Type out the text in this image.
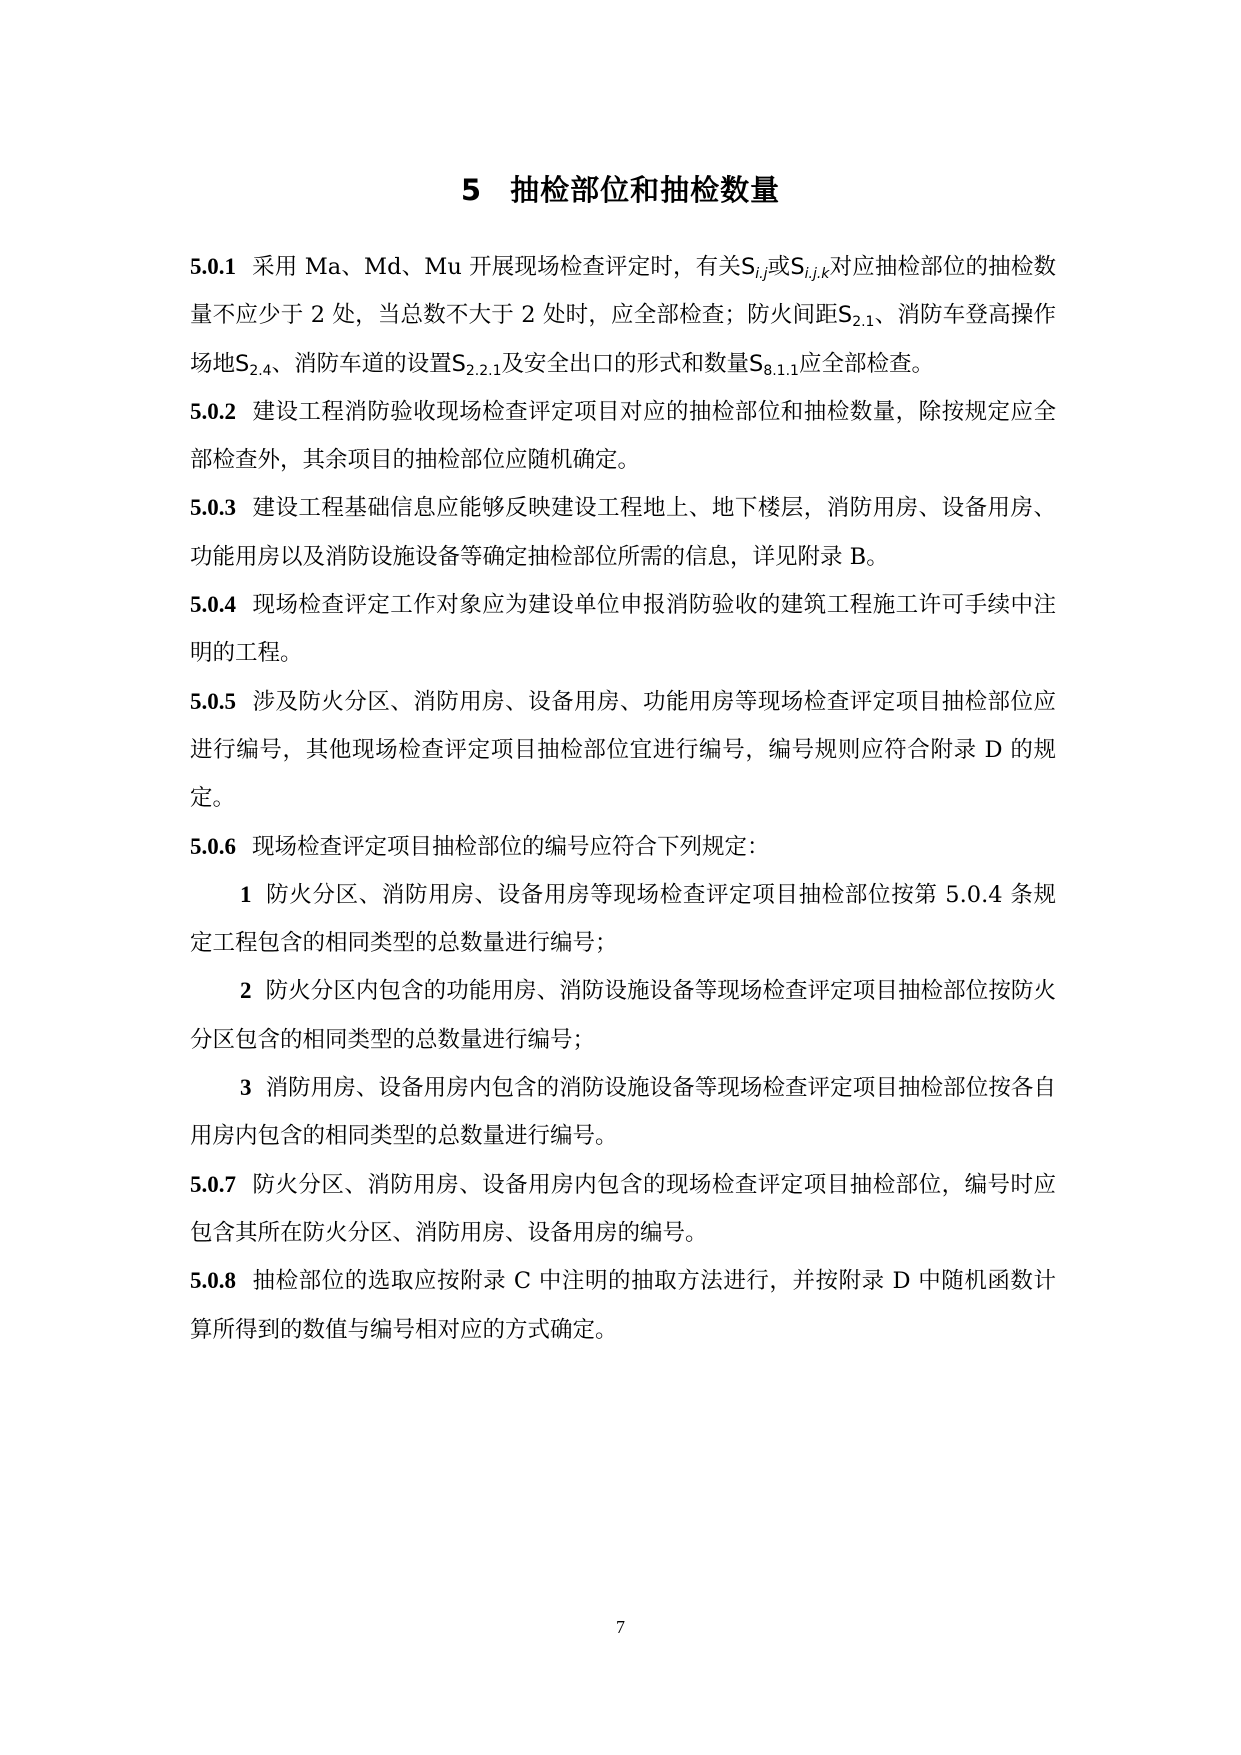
5 抽检部位和抽检数量

5.0.1 采用 Ma、Md、Mu 开展现场检查评定时，有关$S_{i.j}$或$S_{i.j.k}$对应抽检部位的抽检数量不应少于 2 处，当总数不大于 2 处时，应全部检查；防火间距$S_{2.1}$、消防车登高操作场地$S_{2.4}$、消防车道的设置$S_{2.2.1}$及安全出口的形式和数量$S_{8.1.1}$应全部检查。

5.0.2 建设工程消防验收现场检查评定项目对应的抽检部位和抽检数量，除按规定应全部检查外，其余项目的抽检部位应随机确定。

5.0.3 建设工程基础信息应能够反映建设工程地上、地下楼层，消防用房、设备用房、功能用房以及消防设施设备等确定抽检部位所需的信息，详见附录 B。

5.0.4 现场检查评定工作对象应为建设单位申报消防验收的建筑工程施工许可手续中注明的工程。

5.0.5 涉及防火分区、消防用房、设备用房、功能用房等现场检查评定项目抽检部位应进行编号，其他现场检查评定项目抽检部位宜进行编号，编号规则应符合附录 D 的规定。

5.0.6 现场检查评定项目抽检部位的编号应符合下列规定：

1 防火分区、消防用房、设备用房等现场检查评定项目抽检部位按第 5.0.4 条规定工程包含的相同类型的总数量进行编号；

2 防火分区内包含的功能用房、消防设施设备等现场检查评定项目抽检部位按防火分区包含的相同类型的总数量进行编号；

3 消防用房、设备用房内包含的消防设施设备等现场检查评定项目抽检部位按各自用房内包含的相同类型的总数量进行编号。

5.0.7 防火分区、消防用房、设备用房内包含的现场检查评定项目抽检部位，编号时应包含其所在防火分区、消防用房、设备用房的编号。

5.0.8 抽检部位的选取应按附录 C 中注明的抽取方法进行，并按附录 D 中随机函数计算所得到的数值与编号相对应的方式确定。

7
